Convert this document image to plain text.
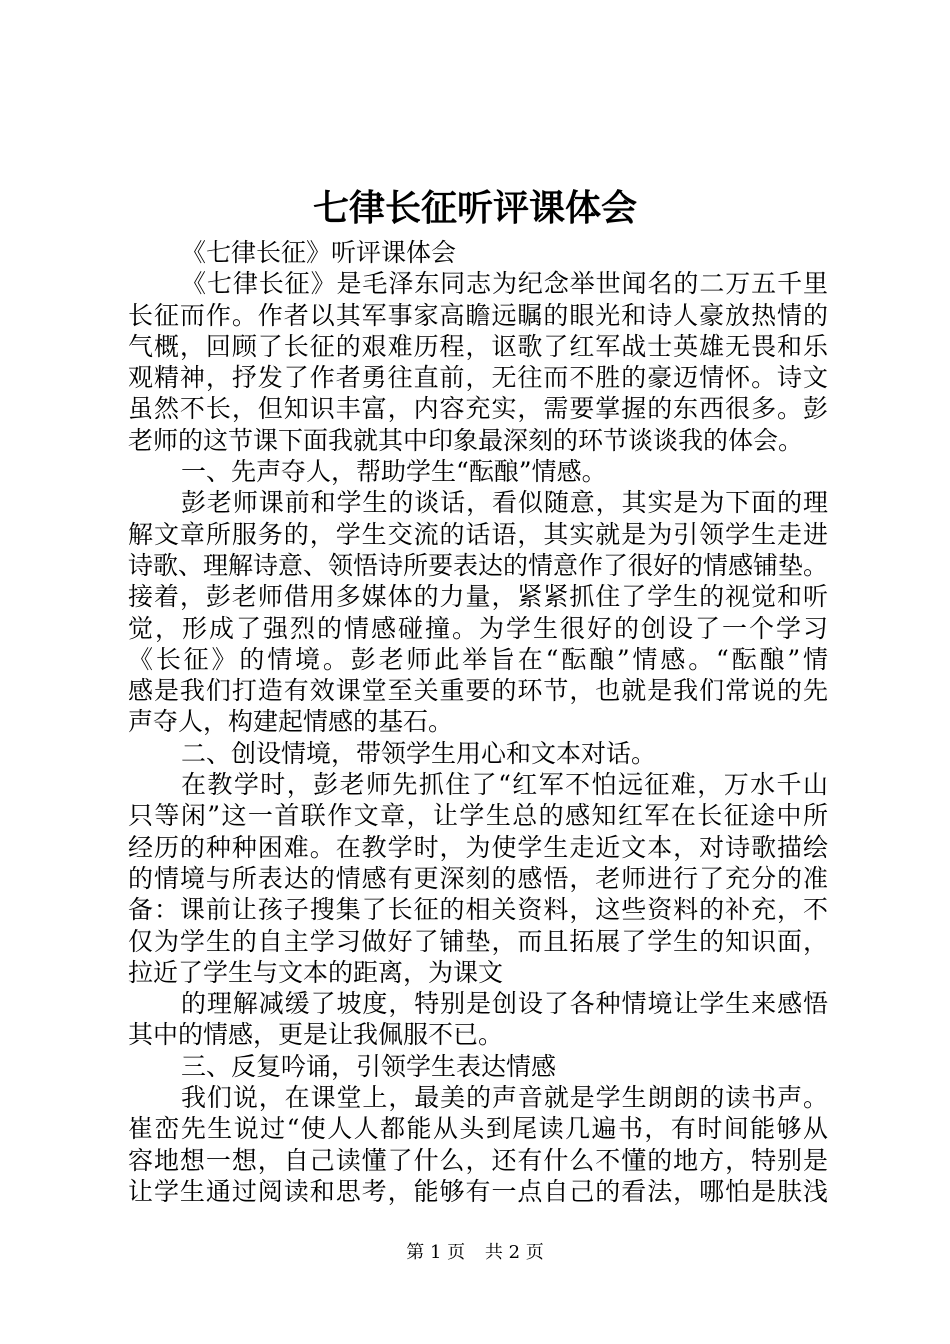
七律长征听评课体会
《七律长征》听评课体会
《七律长征》是毛泽东同志为纪念举世闻名的二万五千里
长征而作。作者以其军事家高瞻远瞩的眼光和诗人豪放热情的
气概，回顾了长征的艰难历程，讴歌了红军战士英雄无畏和乐
观精神，抒发了作者勇往直前，无往而不胜的豪迈情怀。诗文
虽然不长，但知识丰富，内容充实，需要掌握的东西很多。彭
老师的这节课下面我就其中印象最深刻的环节谈谈我的体会。
一、先声夺人，帮助学生“酝酿”情感。
彭老师课前和学生的谈话，看似随意，其实是为下面的理
解文章所服务的，学生交流的话语，其实就是为引领学生走进
诗歌、理解诗意、领悟诗所要表达的情意作了很好的情感铺垫。
接着，彭老师借用多媒体的力量，紧紧抓住了学生的视觉和听
觉，形成了强烈的情感碰撞。为学生很好的创设了一个学习
《长征》的情境。彭老师此举旨在“酝酿”情感。“酝酿”情
感是我们打造有效课堂至关重要的环节，也就是我们常说的先
声夺人，构建起情感的基石。
二、创设情境，带领学生用心和文本对话。
在教学时，彭老师先抓住了“红军不怕远征难，万水千山
只等闲”这一首联作文章，让学生总的感知红军在长征途中所
经历的种种困难。在教学时，为使学生走近文本，对诗歌描绘
的情境与所表达的情感有更深刻的感悟，老师进行了充分的准
备：课前让孩子搜集了长征的相关资料，这些资料的补充，不
仅为学生的自主学习做好了铺垫，而且拓展了学生的知识面，
拉近了学生与文本的距离，为课文
的理解减缓了坡度，特别是创设了各种情境让学生来感悟
其中的情感，更是让我佩服不已。
三、反复吟诵，引领学生表达情感
我们说，在课堂上，最美的声音就是学生朗朗的读书声。
崔峦先生说过“使人人都能从头到尾读几遍书，有时间能够从
容地想一想，自己读懂了什么，还有什么不懂的地方，特别是
让学生通过阅读和思考，能够有一点自己的看法，哪怕是肤浅
第 1 页 共 2 页
